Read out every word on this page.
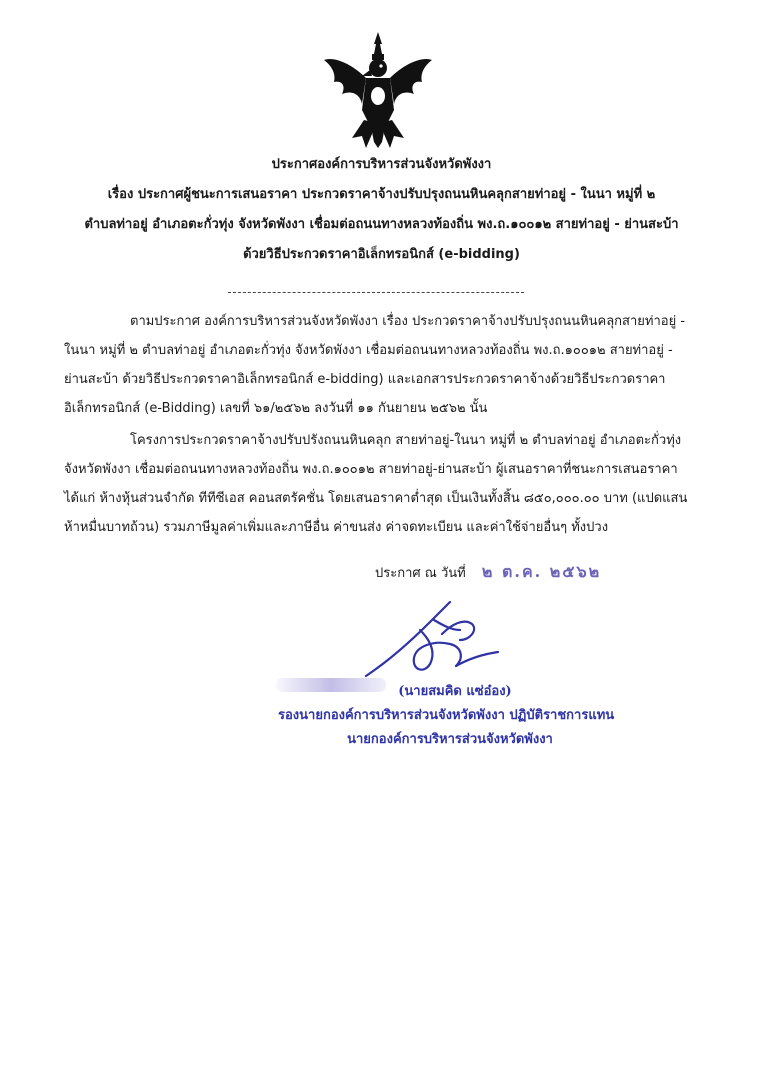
ประกาศองค์การบริหารส่วนจังหวัดพังงา
เรื่อง ประกาศผู้ชนะการเสนอราคา ประกวดราคาจ้างปรับปรุงถนนหินคลุกสายท่าอยู่ - ในนา หมู่ที่ ๒
ตำบลท่าอยู่ อำเภอตะกั่วทุ่ง จังหวัดพังงา เชื่อมต่อถนนทางหลวงท้องถิ่น พง.ถ.๑๐๐๑๒ สายท่าอยู่ - ย่านสะบ้า
ด้วยวิธีประกวดราคาอิเล็กทรอนิกส์ (e-bidding)

ตามประกาศ องค์การบริหารส่วนจังหวัดพังงา เรื่อง ประกวดราคาจ้างปรับปรุงถนนหินคลุกสายท่าอยู่ -
ในนา หมู่ที่ ๒ ตำบลท่าอยู่ อำเภอตะกั่วทุ่ง จังหวัดพังงา เชื่อมต่อถนนทางหลวงท้องถิ่น พง.ถ.๑๐๐๑๒ สายท่าอยู่ -
ย่านสะบ้า ด้วยวิธีประกวดราคาอิเล็กทรอนิกส์ e-bidding) และเอกสารประกวดราคาจ้างด้วยวิธีประกวดราคา
อิเล็กทรอนิกส์ (e-Bidding) เลขที่ ๖๑/๒๕๖๒ ลงวันที่ ๑๑ กันยายน ๒๕๖๒ นั้น

โครงการประกวดราคาจ้างปรับปรังถนนหินคลุก สายท่าอยู่-ในนา หมู่ที่ ๒ ตำบลท่าอยู่ อำเภอตะกั่วทุ่ง
จังหวัดพังงา เชื่อมต่อถนนทางหลวงท้องถิ่น พง.ถ.๑๐๐๑๒ สายท่าอยู่-ย่านสะบ้า ผู้เสนอราคาที่ชนะการเสนอราคา
ได้แก่ ห้างหุ้นส่วนจำกัด ทีทีซีเอส คอนสตรัคชั่น โดยเสนอราคาต่ำสุด เป็นเงินทั้งสิ้น ๘๕๐,๐๐๐.๐๐ บาท (แปดแสน
ห้าหมื่นบาทถ้วน) รวมภาษีมูลค่าเพิ่มและภาษีอื่น ค่าขนส่ง ค่าจดทะเบียน และค่าใช้จ่ายอื่นๆ ทั้งปวง

ประกาศ ณ วันที่ ๒ ต.ค. ๒๕๖๒
(นายสมคิด แซ่อ๋อง)
รองนายกองค์การบริหารส่วนจังหวัดพังงา ปฏิบัติราชการแทน
นายกองค์การบริหารส่วนจังหวัดพังงา
